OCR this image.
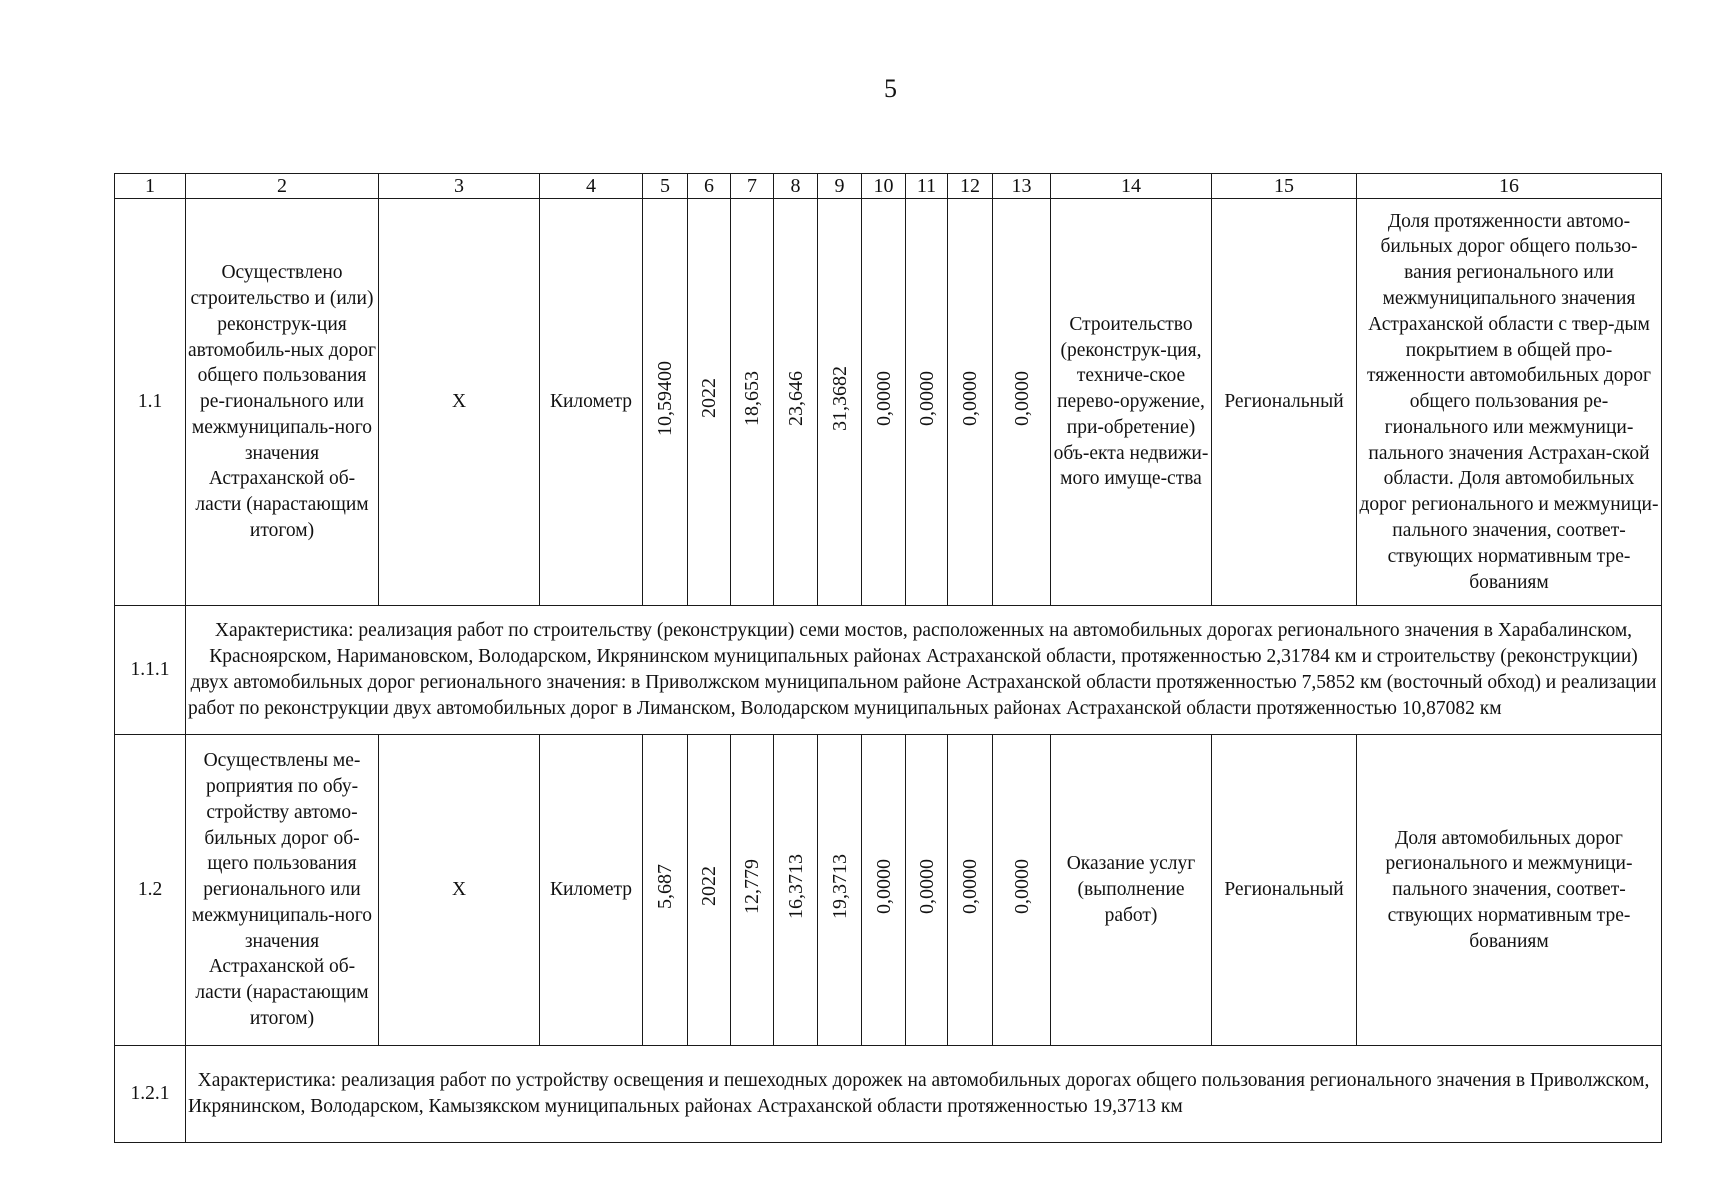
5
1	2	3	4	5	6	7	8	9	10	11	12	13	14	15	16
1.1	Осуществлено строительство и (или) реконструк-ция автомобиль-ных дорог общего пользования ре-гионального или межмуниципаль-ного значения Астраханской об-ласти (нарастающим итогом)	Х	Километр	10,59400	2022	18,653	23,646	31,3682	0,0000	0,0000	0,0000	0,0000	Строительство (реконструк-ция, техниче-ское перево-оружение, при-обретение) объ-екта недвижи-мого имуще-ства	Региональный	Доля протяженности автомо-бильных дорог общего пользо-вания регионального или межмуниципального значения Астраханской области с твер-дым покрытием в общей про-тяженности автомобильных дорог общего пользования ре-гионального или межмуници-пального значения Астрахан-ской области. Доля автомобильных дорог регионального и межмуници-пального значения, соответ-ствующих нормативным тре-бованиям
1.1.1	Характеристика: реализация работ по строительству (реконструкции) семи мостов, расположенных на автомобильных дорогах регионального значения в Харабалинском, Красноярском, Наримановском, Володарском, Икрянинском муниципальных районах Астраханской области, протяженностью 2,31784 км и строительству (реконструкции) двух автомобильных дорог регионального значения: в Приволжском муниципальном районе Астраханской области протяженностью 7,5852 км (восточный обход) и реализации работ по реконструкции двух автомобильных дорог в Лиманском, Володарском муниципальных районах Астраханской области протяженностью 10,87082 км														
1.2	Осуществлены ме-роприятия по обу-стройству автомо-бильных дорог об-щего пользования регионального или межмуниципаль-ного значения Астраханской об-ласти (нарастающим итогом)	Х	Километр	5,687	2022	12,779	16,3713	19,3713	0,0000	0,0000	0,0000	0,0000	Оказание услуг (выполнение работ)	Региональный	Доля автомобильных дорог регионального и межмуници-пального значения, соответ-ствующих нормативным тре-бованиям
1.2.1	Характеристика: реализация работ по устройству освещения и пешеходных дорожек на автомобильных дорогах общего пользования регионального значения в Приволжском, Икрянинском, Володарском, Камызякском муниципальных районах Астраханской области протяженностью 19,3713 км														
